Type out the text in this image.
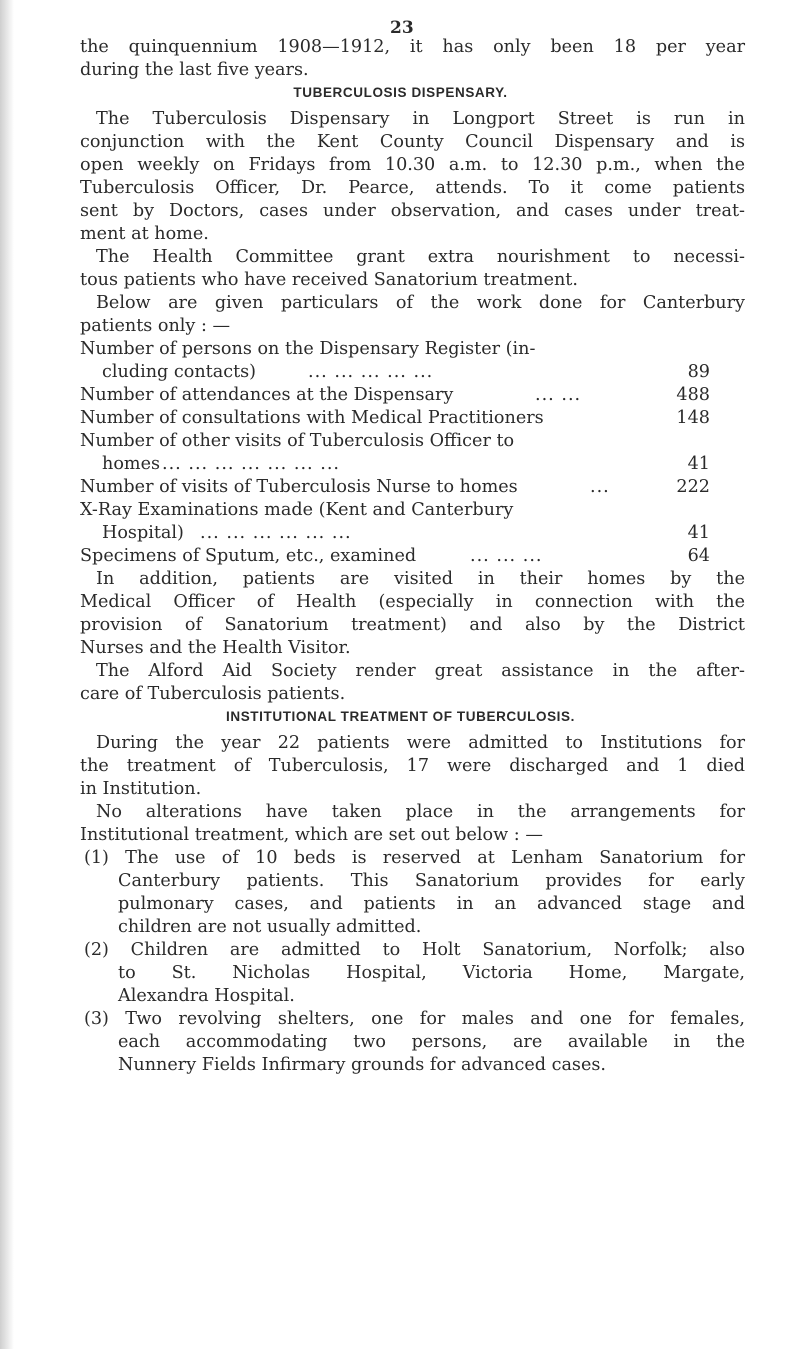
23
the quinquennium 1908—1912, it has only been 18 per year
during the last five years.
TUBERCULOSIS DISPENSARY.
The Tuberculosis Dispensary in Longport Street is run in
conjunction with the Kent County Council Dispensary and is
open weekly on Fridays from 10.30 a.m. to 12.30 p.m., when the
Tuberculosis Officer, Dr. Pearce, attends. To it come patients
sent by Doctors, cases under observation, and cases under treat-
ment at home.
The Health Committee grant extra nourishment to necessi-
tous patients who have received Sanatorium treatment.
Below are given particulars of the work done for Canterbury
patients only : —
Number of persons on the Dispensary Register (in-
cluding contacts)	... ... ... ... ...	89
Number of attendances at the Dispensary	... ...	488
Number of consultations with Medical Practitioners	148
Number of other visits of Tuberculosis Officer to
homes ... ... ... ... ... ... ...	41
Number of visits of Tuberculosis Nurse to homes	...	222
X-Ray Examinations made (Kent and Canterbury
Hospital) ... ... ... ... ... ...	41
Specimens of Sputum, etc., examined	... ... ...	64
In addition, patients are visited in their homes by the
Medical Officer of Health (especially in connection with the
provision of Sanatorium treatment) and also by the District
Nurses and the Health Visitor.
The Alford Aid Society render great assistance in the after-
care of Tuberculosis patients.
INSTITUTIONAL TREATMENT OF TUBERCULOSIS.
During the year 22 patients were admitted to Institutions for
the treatment of Tuberculosis, 17 were discharged and 1 died
in Institution.
No alterations have taken place in the arrangements for
Institutional treatment, which are set out below : —
(1) The use of 10 beds is reserved at Lenham Sanatorium for
Canterbury patients. This Sanatorium provides for early
pulmonary cases, and patients in an advanced stage and
children are not usually admitted.
(2) Children are admitted to Holt Sanatorium, Norfolk; also
to St. Nicholas Hospital, Victoria Home, Margate,
Alexandra Hospital.
(3) Two revolving shelters, one for males and one for females,
each accommodating two persons, are available in the
Nunnery Fields Infirmary grounds for advanced cases.
